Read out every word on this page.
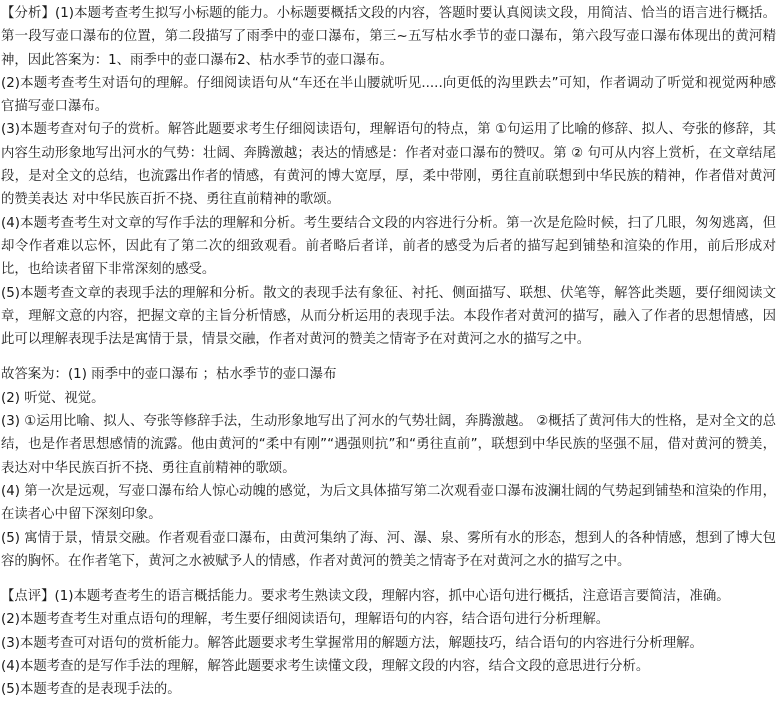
【分析】(1)本题考查考生拟写小标题的能力。小标题要概括文段的内容，答题时要认真阅读文段，用简洁、恰当的语言进行概括。第一段写壶口瀑布的位置，第二段描写了雨季中的壶口瀑布，第三~五写枯水季节的壶口瀑布，第六段写壶口瀑布体现出的黄河精神，因此答案为：1、雨季中的壶口瀑布2、枯水季节的壶口瀑布。

(2)本题考查考生对语句的理解。仔细阅读语句从“车还在半山腰就听见.....向更低的沟里跌去”可知，作者调动了听觉和视觉两种感官描写壶口瀑布。

(3)本题考查对句子的赏析。解答此题要求考生仔细阅读语句，理解语句的特点，第 ①句运用了比喻的修辞、拟人、夸张的修辞，其内容生动形象地写出河水的气势：壮阔、奔腾激越；表达的情感是：作者对壶口瀑布的赞叹。第 ② 句可从内容上赏析，在文章结尾段，是对全文的总结，也流露出作者的情感，有黄河的博大宽厚，厚，柔中带刚，勇往直前联想到中华民族的精神，作者借对黄河的赞美表达 对中华民族百折不挠、勇往直前精神的歌颂。

(4)本题考查考生对文章的写作手法的理解和分析。考生要结合文段的内容进行分析。第一次是危险时候，扫了几眼，匆匆逃离，但却令作者难以忘怀，因此有了第二次的细致观看。前者略后者详，前者的感受为后者的描写起到铺垫和渲染的作用，前后形成对比，也给读者留下非常深刻的感受。

(5)本题考查文章的表现手法的理解和分析。散文的表现手法有象征、衬托、侧面描写、联想、伏笔等，解答此类题，要仔细阅读文章，理解文意的内容，把握文章的主旨分析情感，从而分析运用的表现手法。本段作者对黄河的描写，融入了作者的思想情感，因此可以理解表现手法是寓情于景，情景交融，作者对黄河的赞美之情寄予在对黄河之水的描写之中。

故答案为：(1) 雨季中的壶口瀑布 ；枯水季节的壶口瀑布

(2) 听觉、视觉。

(3) ①运用比喻、拟人、夸张等修辞手法，生动形象地写出了河水的气势壮阔，奔腾激越。 ②概括了黄河伟大的性格，是对全文的总结，也是作者思想感情的流露。他由黄河的“柔中有刚”“遇强则抗”和“勇往直前”，联想到中华民族的坚强不屈，借对黄河的赞美，表达对中华民族百折不挠、勇往直前精神的歌颂。

(4) 第一次是远观，写壶口瀑布给人惊心动魄的感觉，为后文具体描写第二次观看壶口瀑布波澜壮阔的气势起到铺垫和渲染的作用，在读者心中留下深刻印象。

(5) 寓情于景，情景交融。作者观看壶口瀑布，由黄河集纳了海、河、瀑、泉、雾所有水的形态，想到人的各种情感，想到了博大包容的胸怀。在作者笔下，黄河之水被赋予人的情感，作者对黄河的赞美之情寄予在对黄河之水的描写之中。

【点评】(1)本题考查考生的语言概括能力。要求考生熟读文段，理解内容，抓中心语句进行概括，注意语言要简洁，准确。

(2)本题考查考生对重点语句的理解，考生要仔细阅读语句，理解语句的内容，结合语句进行分析理解。

(3)本题考查可对语句的赏析能力。解答此题要求考生掌握常用的解题方法，解题技巧，结合语句的内容进行分析理解。

(4)本题考查的是写作手法的理解，解答此题要求考生读懂文段，理解文段的内容，结合文段的意思进行分析。

(5)本题考查的是表现手法的。
